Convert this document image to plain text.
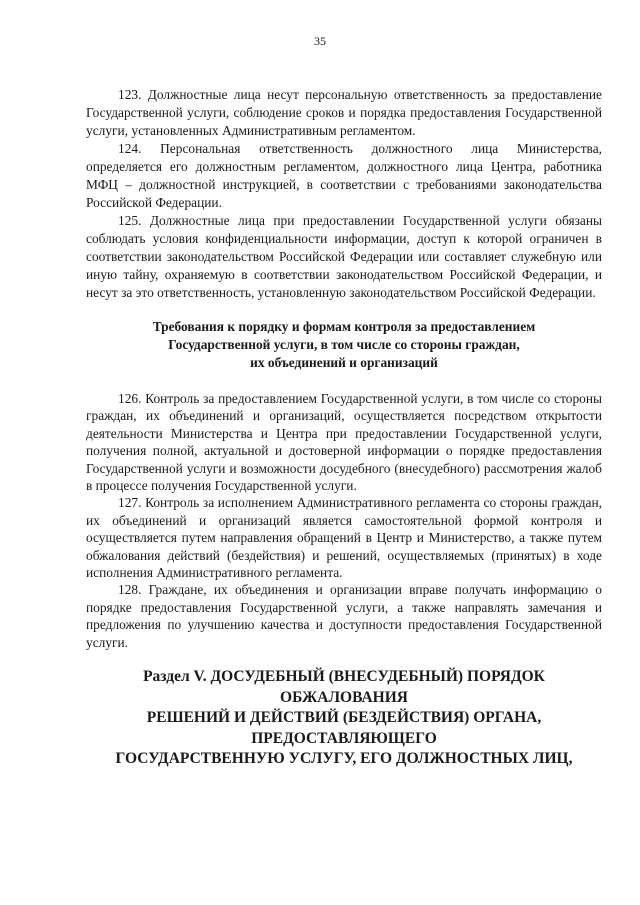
35

123. Должностные лица несут персональную ответственность за предоставление Государственной услуги, соблюдение сроков и порядка предоставления Государственной услуги, установленных Административным регламентом.

124. Персональная ответственность должностного лица Министерства, определяется его должностным регламентом, должностного лица Центра, работника МФЦ – должностной инструкцией, в соответствии с требованиями законодательства Российской Федерации.

125. Должностные лица при предоставлении Государственной услуги обязаны соблюдать условия конфиденциальности информации, доступ к которой ограничен в соответствии законодательством Российской Федерации или составляет служебную или иную тайну, охраняемую в соответствии законодательством Российской Федерации, и несут за это ответственность, установленную законодательством Российской Федерации.

Требования к порядку и формам контроля за предоставлением
Государственной услуги, в том числе со стороны граждан,
их объединений и организаций

126. Контроль за предоставлением Государственной услуги, в том числе со стороны граждан, их объединений и организаций, осуществляется посредством открытости деятельности Министерства и Центра при предоставлении Государственной услуги, получения полной, актуальной и достоверной информации о порядке предоставления Государственной услуги и возможности досудебного (внесудебного) рассмотрения жалоб в процессе получения Государственной услуги.

127. Контроль за исполнением Административного регламента со стороны граждан, их объединений и организаций является самостоятельной формой контроля и осуществляется путем направления обращений в Центр и Министерство, а также путем обжалования действий (бездействия) и решений, осуществляемых (принятых) в ходе исполнения Административного регламента.

128. Граждане, их объединения и организации вправе получать информацию о порядке предоставления Государственной услуги, а также направлять замечания и предложения по улучшению качества и доступности предоставления Государственной услуги.

Раздел V. ДОСУДЕБНЫЙ (ВНЕСУДЕБНЫЙ) ПОРЯДОК
ОБЖАЛОВАНИЯ
РЕШЕНИЙ И ДЕЙСТВИЙ (БЕЗДЕЙСТВИЯ) ОРГАНА,
ПРЕДОСТАВЛЯЮЩЕГО
ГОСУДАРСТВЕННУЮ УСЛУГУ, ЕГО ДОЛЖНОСТНЫХ ЛИЦ,
